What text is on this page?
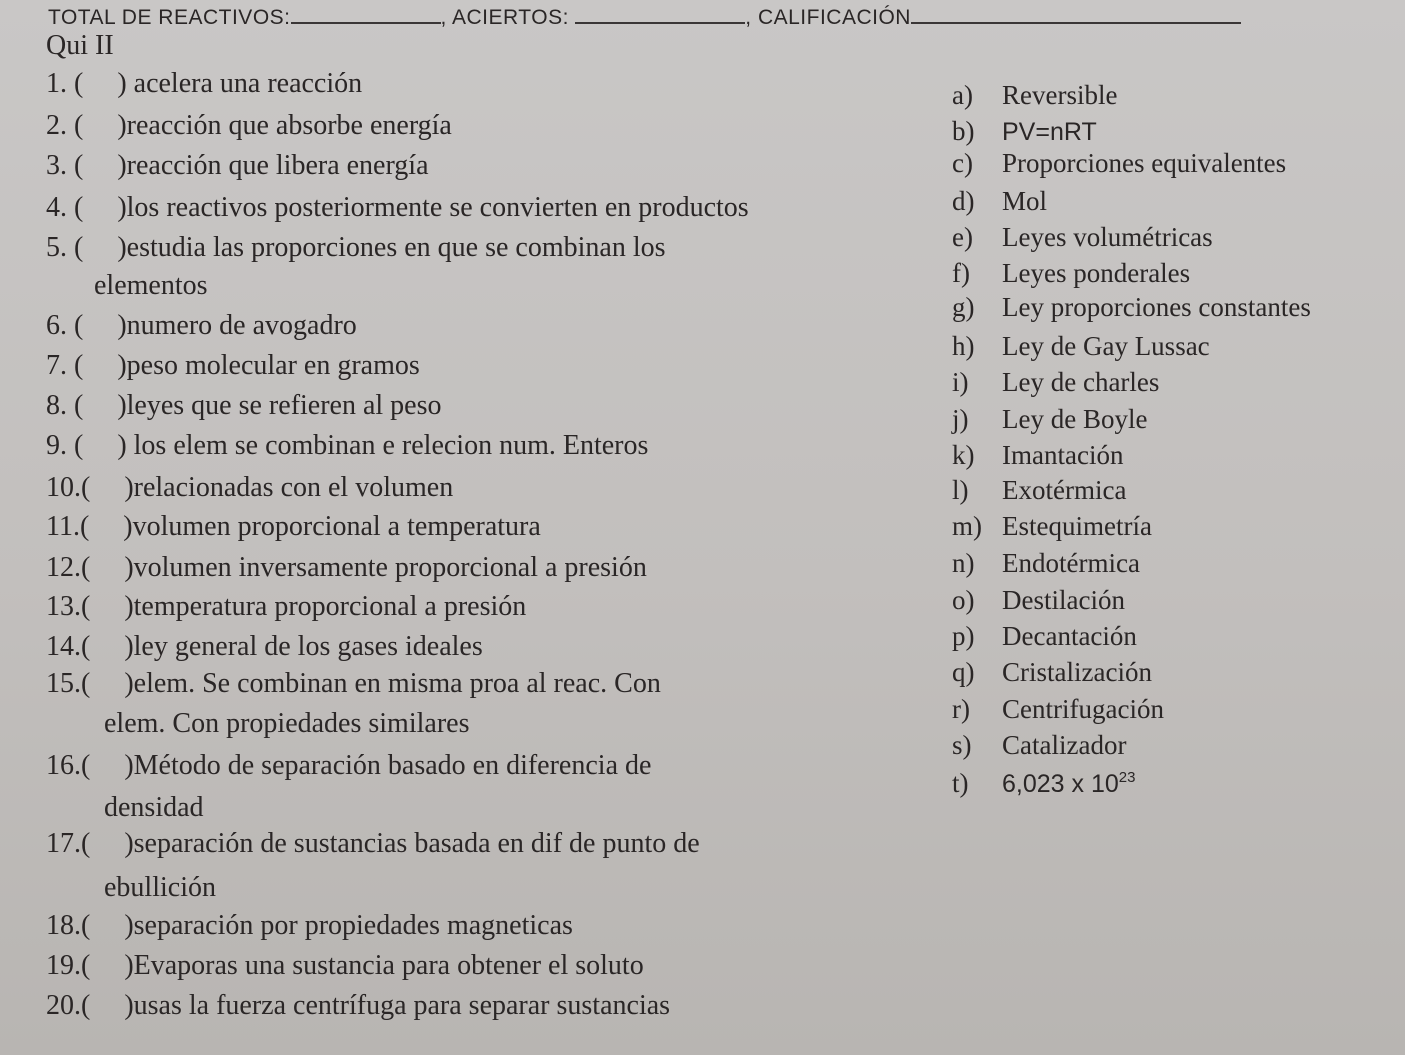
TOTAL DE REACTIVOS:	, ACIERTOS:	, CALIFICACIÓN
Qui II
1. ( ) acelera una reacción
2. ( )reacción que absorbe energía
3. ( )reacción que libera energía
4. ( )los reactivos posteriormente se convierten en productos
5. ( )estudia las proporciones en que se combinan los
elementos
6. ( )numero de avogadro
7. ( )peso molecular en gramos
8. ( )leyes que se refieren al peso
9. ( ) los elem se combinan e relecion num. Enteros
10.( )relacionadas con el volumen
11.( )volumen proporcional a temperatura
12.( )volumen inversamente proporcional a presión
13.( )temperatura proporcional a presión
14.( )ley general de los gases ideales
15.( )elem. Se combinan en misma proa al reac. Con
elem. Con propiedades similares
16.( )Método de separación basado en diferencia de
densidad
17.( )separación de sustancias basada en dif de punto de
ebullición
18.( )separación por propiedades magneticas
19.( )Evaporas una sustancia para obtener el soluto
20.( )usas la fuerza centrífuga para separar sustancias
a) Reversible
b) PV=nRT
c) Proporciones equivalentes
d) Mol
e) Leyes volumétricas
f) Leyes ponderales
g) Ley proporciones constantes
h) Ley de Gay Lussac
i) Ley de charles
j) Ley de Boyle
k) Imantación
l) Exotérmica
m) Estequimetría
n) Endotérmica
o) Destilación
p) Decantación
q) Cristalización
r) Centrifugación
s) Catalizador
t) 6,023 x $10^{23}$
